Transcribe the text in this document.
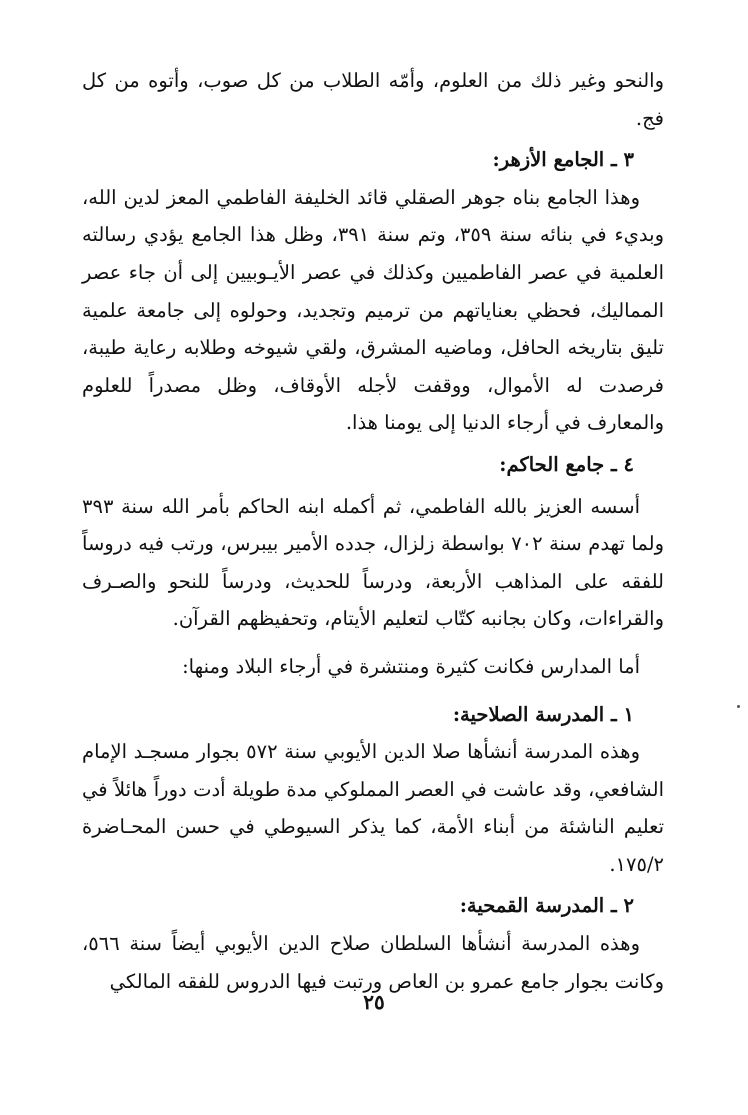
والنحو وغير ذلك من العلوم، وأمّه الطلاب من كل صوب، وأتوه من كل فج.

٣ ـ الجامع الأزهر:

وهذا الجامع بناه جوهر الصقلي قائد الخليفة الفاطمي المعز لدين الله، وبديء في بنائه سنة ٣٥٩، وتم سنة ٣٩١، وظل هذا الجامع يؤدي رسالته العلمية في عصر الفاطميين وكذلك في عصر الأيـوبيين إلى أن جاء عصر المماليك، فحظي بعناياتهم من ترميم وتجديد، وحولوه إلى جامعة علمية تليق بتاريخه الحافل، وماضيه المشرق، ولقي شيوخه وطلابه رعاية طيبة، فرصدت له الأموال، ووقفت لأجله الأوقاف، وظل مصدراً للعلوم والمعارف في أرجاء الدنيا إلى يومنا هذا.

٤ ـ جامع الحاكم:

أسسه العزيز بالله الفاطمي، ثم أكمله ابنه الحاكم بأمر الله سنة ٣٩٣ ولما تهدم سنة ٧٠٢ بواسطة زلزال، جدده الأمير بيبرس، ورتب فيه دروساً للفقه على المذاهب الأربعة، ودرساً للحديث، ودرساً للنحو والصـرف والقراءات، وكان بجانبه كتّاب لتعليم الأيتام، وتحفيظهم القرآن.

أما المدارس فكانت كثيرة ومنتشرة في أرجاء البلاد ومنها:

١ ـ المدرسة الصلاحية:

وهذه المدرسة أنشأها صلا الدين الأيوبي سنة ٥٧٢ بجوار مسجـد الإمام الشافعي، وقد عاشت في العصر المملوكي مدة طويلة أدت دوراً هائلاً في تعليم الناشئة من أبناء الأمة، كما يذكر السيوطي في حسن المحـاضرة ١٧٥/٢.

٢ ـ المدرسة القمحية:

وهذه المدرسة أنشأها السلطان صلاح الدين الأيوبي أيضاً سنة ٥٦٦، وكانت بجوار جامع عمرو بن العاص ورتبت فيها الدروس للفقه المالكي

٢٥
